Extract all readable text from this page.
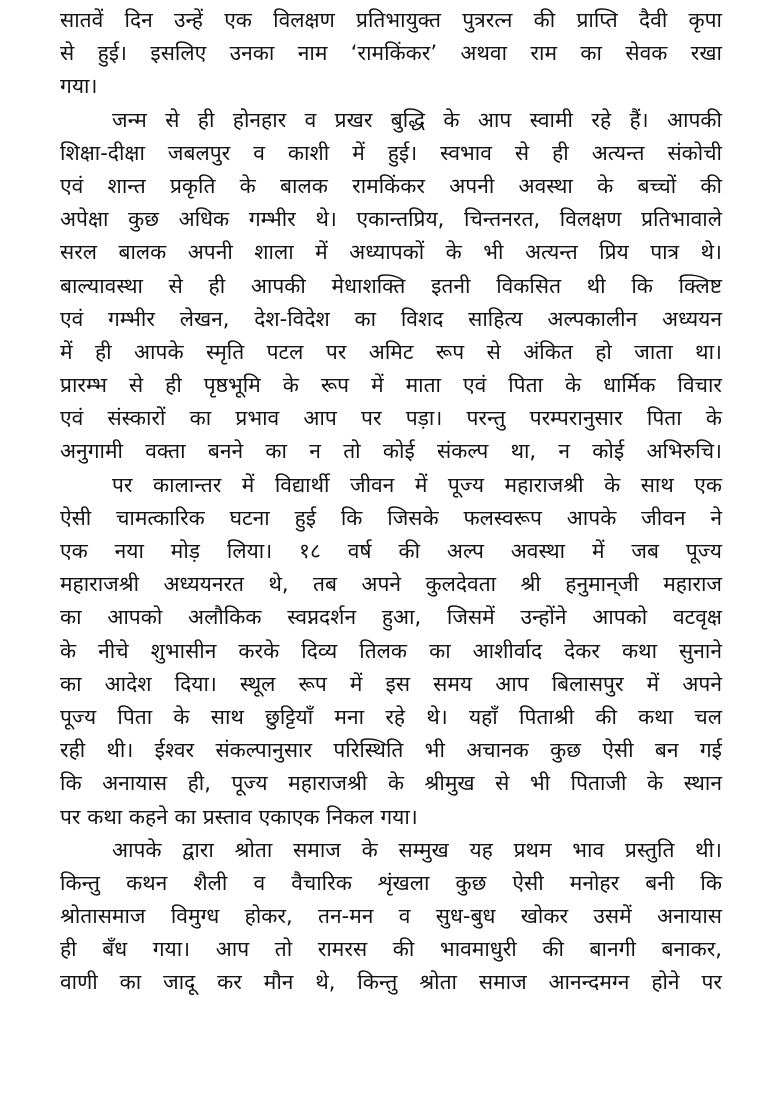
सातवें दिन उन्हें एक विलक्षण प्रतिभायुक्त पुत्ररत्न की प्राप्ति दैवी कृपा
से हुई। इसलिए उनका नाम ‘रामकिंकर’ अथवा राम का सेवक रखा
गया।
जन्म से ही होनहार व प्रखर बुद्धि के आप स्वामी रहे हैं। आपकी
शिक्षा-दीक्षा जबलपुर व काशी में हुई। स्वभाव से ही अत्यन्त संकोची
एवं शान्त प्रकृति के बालक रामकिंकर अपनी अवस्था के बच्चों की
अपेक्षा कुछ अधिक गम्भीर थे। एकान्तप्रिय, चिन्तनरत, विलक्षण प्रतिभावाले
सरल बालक अपनी शाला में अध्यापकों के भी अत्यन्त प्रिय पात्र थे।
बाल्यावस्था से ही आपकी मेधाशक्ति इतनी विकसित थी कि क्लिष्ट
एवं गम्भीर लेखन, देश-विदेश का विशद साहित्य अल्पकालीन अध्ययन
में ही आपके स्मृति पटल पर अमिट रूप से अंकित हो जाता था।
प्रारम्भ से ही पृष्ठभूमि के रूप में माता एवं पिता के धार्मिक विचार
एवं संस्कारों का प्रभाव आप पर पड़ा। परन्तु परम्परानुसार पिता के
अनुगामी वक्ता बनने का न तो कोई संकल्प था, न कोई अभिरुचि।
पर कालान्तर में विद्यार्थी जीवन में पूज्य महाराजश्री के साथ एक
ऐसी चामत्कारिक घटना हुई कि जिसके फलस्वरूप आपके जीवन ने
एक नया मोड़ लिया। १८ वर्ष की अल्प अवस्था में जब पूज्य
महाराजश्री अध्ययनरत थे, तब अपने कुलदेवता श्री हनुमान्‌जी महाराज
का आपको अलौकिक स्वप्नदर्शन हुआ, जिसमें उन्होंने आपको वटवृक्ष
के नीचे शुभासीन करके दिव्य तिलक का आशीर्वाद देकर कथा सुनाने
का आदेश दिया। स्थूल रूप में इस समय आप बिलासपुर में अपने
पूज्य पिता के साथ छुट्टियाँ मना रहे थे। यहाँ पिताश्री की कथा चल
रही थी। ईश्वर संकल्पानुसार परिस्थिति भी अचानक कुछ ऐसी बन गई
कि अनायास ही, पूज्य महाराजश्री के श्रीमुख से भी पिताजी के स्थान
पर कथा कहने का प्रस्ताव एकाएक निकल गया।
आपके द्वारा श्रोता समाज के सम्मुख यह प्रथम भाव प्रस्तुति थी।
किन्तु कथन शैली व वैचारिक शृंखला कुछ ऐसी मनोहर बनी कि
श्रोतासमाज विमुग्ध होकर, तन-मन व सुध-बुध खोकर उसमें अनायास
ही बँध गया। आप तो रामरस की भावमाधुरी की बानगी बनाकर,
वाणी का जादू कर मौन थे, किन्तु श्रोता समाज आनन्दमग्न होने पर
